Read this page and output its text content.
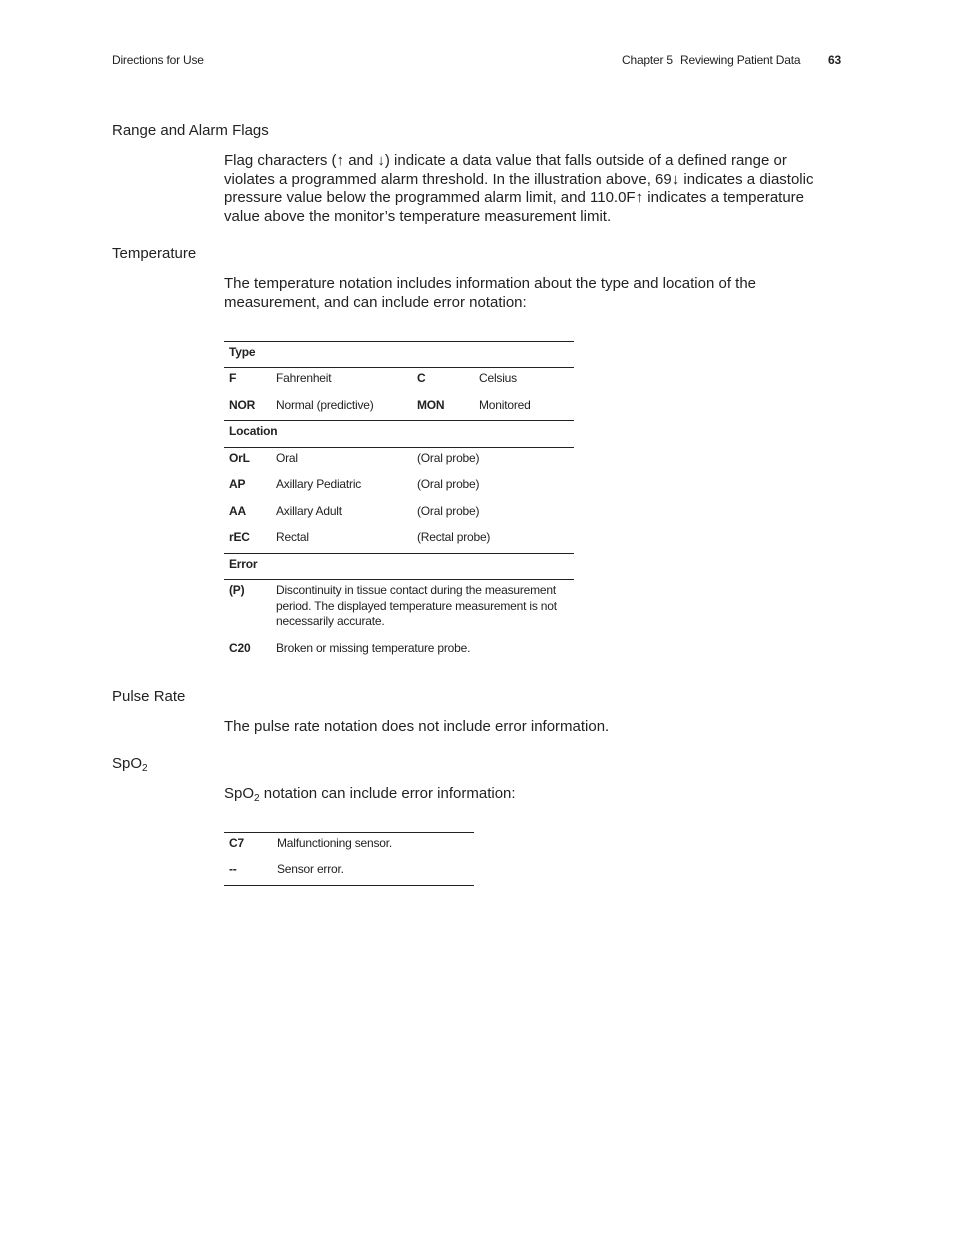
Directions for Use	Chapter 5 Reviewing Patient Data 63
Range and Alarm Flags
Flag characters (↑ and ↓) indicate a data value that falls outside of a defined range or
violates a programmed alarm threshold. In the illustration above, 69↓ indicates a diastolic
pressure value below the programmed alarm limit, and 110.0F↑ indicates a temperature
value above the monitor’s temperature measurement limit.
Temperature
The temperature notation includes information about the type and location of the
measurement, and can include error notation:
Type
F	Fahrenheit	C	Celsius
NOR Normal (predictive)	MON	Monitored
Location
OrL Oral	(Oral probe)
AP	Axillary Pediatric	(Oral probe)
AA	Axillary Adult	(Oral probe)
rEC Rectal	(Rectal probe)
Error
(P)	Discontinuity in tissue contact during the measurement
period. The displayed temperature measurement is not
necessarily accurate.
C20 Broken or missing temperature probe.
Pulse Rate
The pulse rate notation does not include error information.
SpO$_2$
SpO$_2$ notation can include error information:
C7	Malfunctioning sensor.
--	Sensor error.
